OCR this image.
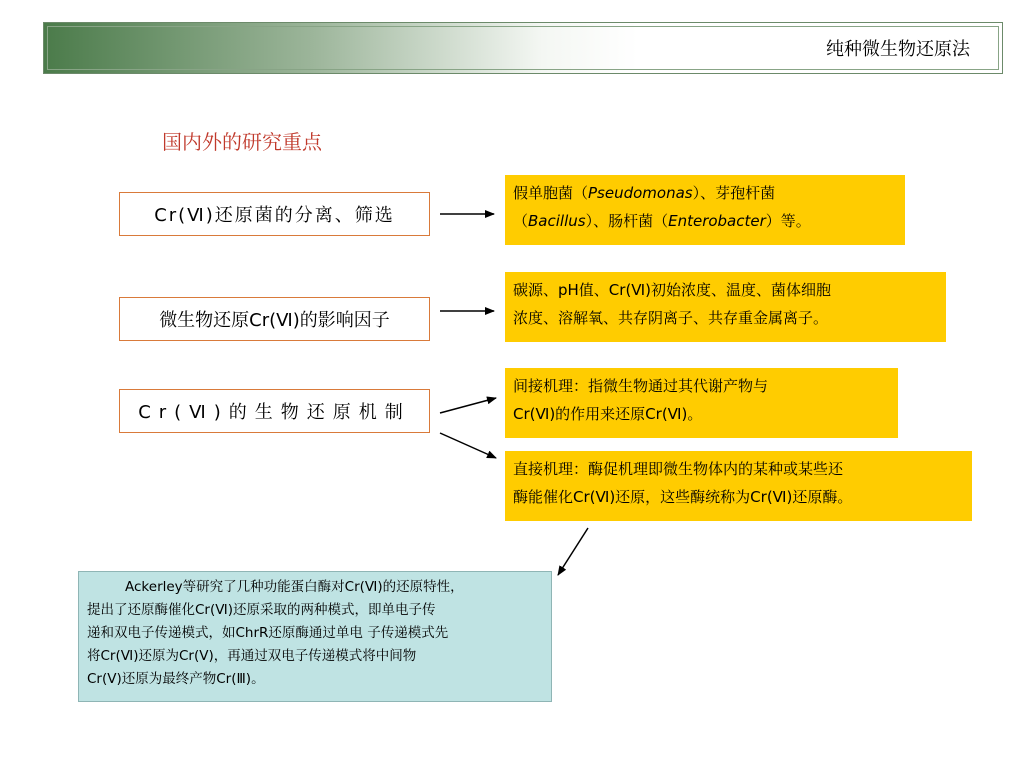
纯种微生物还原法
国内外的研究重点
Cr(Ⅵ)还原菌的分离、筛选
微生物还原Cr(Ⅵ)的影响因子
Cr(Ⅵ)的生物还原机制
假单胞菌（Pseudomonas）、芽孢杆菌
（Bacillus）、肠杆菌（Enterobacter）等。
碳源、pH值、Cr(Ⅵ)初始浓度、温度、菌体细胞
浓度、溶解氧、共存阴离子、共存重金属离子。
间接机理：指微生物通过其代谢产物与
Cr(Ⅵ)的作用来还原Cr(Ⅵ)。
直接机理：酶促机理即微生物体内的某种或某些还
酶能催化Cr(Ⅵ)还原，这些酶统称为Cr(Ⅵ)还原酶。
Ackerley等研究了几种功能蛋白酶对Cr(Ⅵ)的还原特性，
提出了还原酶催化Cr(Ⅵ)还原采取的两种模式，即单电子传
递和双电子传递模式，如ChrR还原酶通过单电 子传递模式先
将Cr(Ⅵ)还原为Cr(Ⅴ)，再通过双电子传递模式将中间物
Cr(Ⅴ)还原为最终产物Cr(Ⅲ)。
